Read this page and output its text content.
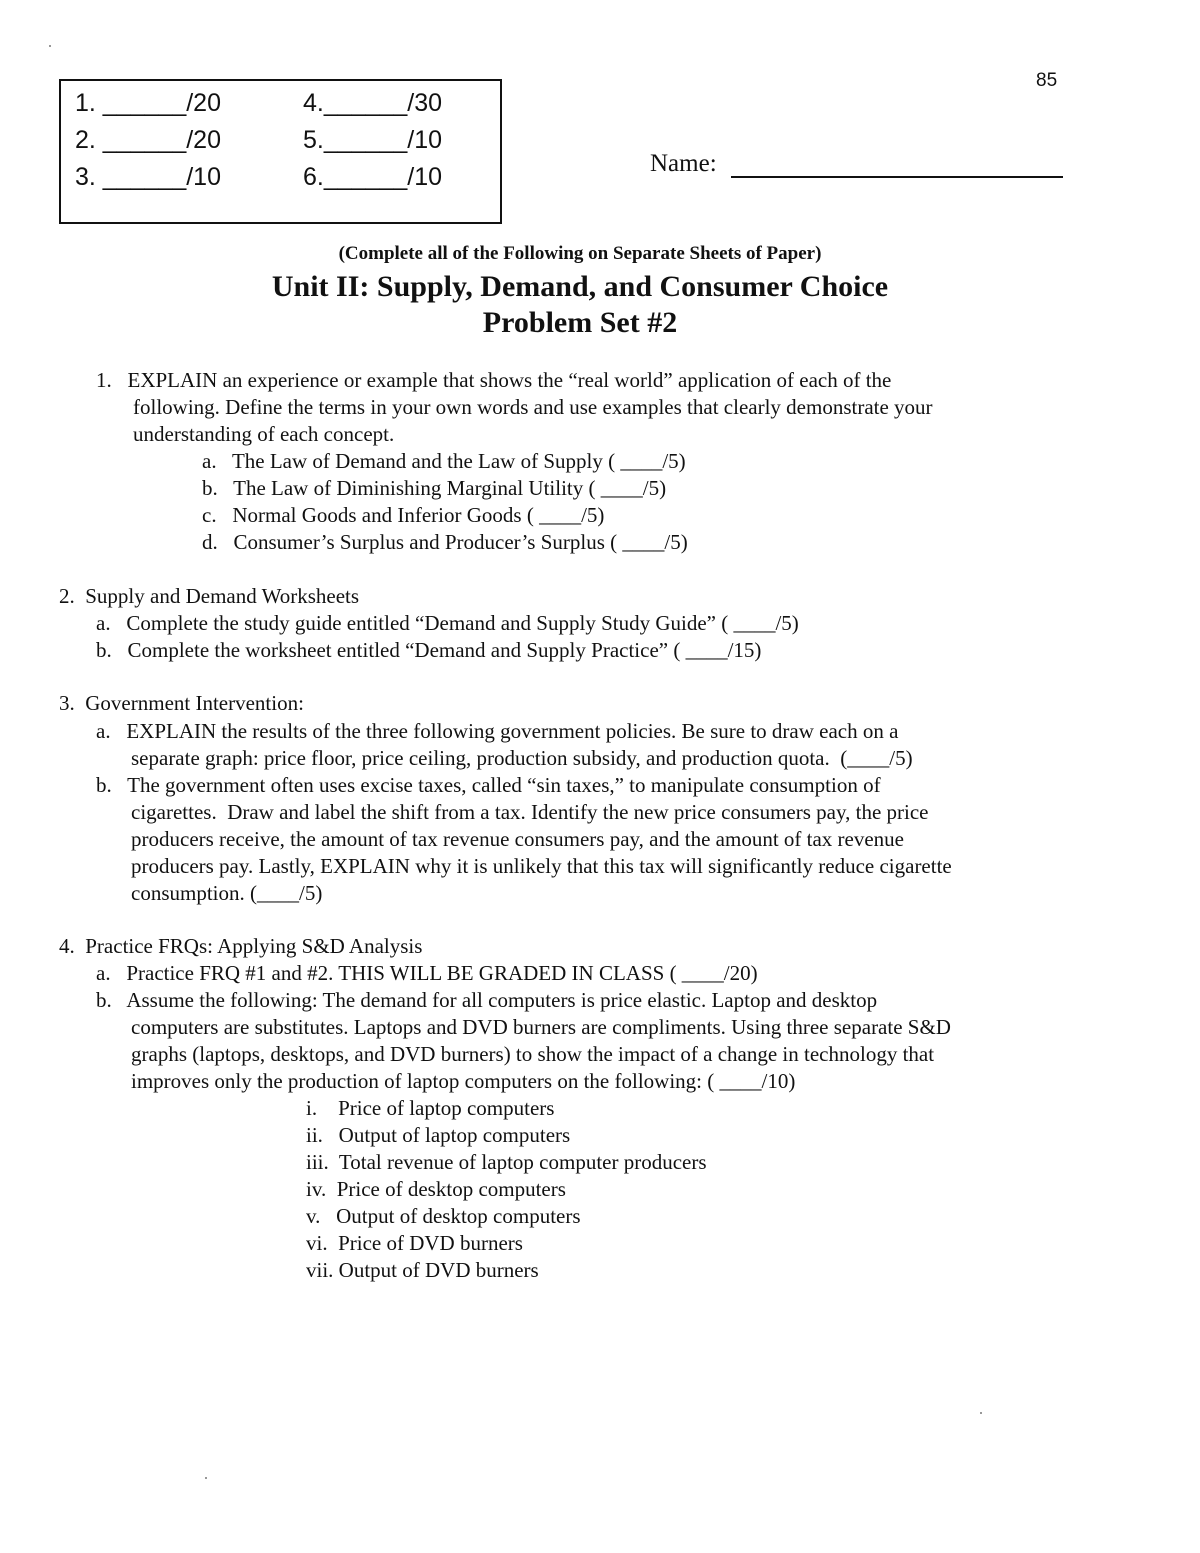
85
1. ______/20
2. ______/20
3. ______/10
4.______/30
5.______/10
6.______/10	Name:
(Complete all of the Following on Separate Sheets of Paper)
Unit II: Supply, Demand, and Consumer Choice
Problem Set #2
1.   EXPLAIN an experience or example that shows the “real world” application of each of the
following. Define the terms in your own words and use examples that clearly demonstrate your
understanding of each concept.
a.   The Law of Demand and the Law of Supply ( ____/5)
b.   The Law of Diminishing Marginal Utility ( ____/5)
c.   Normal Goods and Inferior Goods ( ____/5)
d.   Consumer’s Surplus and Producer’s Surplus ( ____/5)
2.  Supply and Demand Worksheets
a.   Complete the study guide entitled “Demand and Supply Study Guide” ( ____/5)
b.   Complete the worksheet entitled “Demand and Supply Practice” ( ____/15)
3.  Government Intervention:
a.   EXPLAIN the results of the three following government policies. Be sure to draw each on a
separate graph: price floor, price ceiling, production subsidy, and production quota.  (____/5)
b.   The government often uses excise taxes, called “sin taxes,” to manipulate consumption of
cigarettes.  Draw and label the shift from a tax. Identify the new price consumers pay, the price
producers receive, the amount of tax revenue consumers pay, and the amount of tax revenue
producers pay. Lastly, EXPLAIN why it is unlikely that this tax will significantly reduce cigarette
consumption. (____/5)
4.  Practice FRQs: Applying S&D Analysis
a.   Practice FRQ #1 and #2. THIS WILL BE GRADED IN CLASS ( ____/20)
b.   Assume the following: The demand for all computers is price elastic. Laptop and desktop
computers are substitutes. Laptops and DVD burners are compliments. Using three separate S&D
graphs (laptops, desktops, and DVD burners) to show the impact of a change in technology that
improves only the production of laptop computers on the following: ( ____/10)
i.    Price of laptop computers
ii.   Output of laptop computers
iii.  Total revenue of laptop computer producers
iv.  Price of desktop computers
v.   Output of desktop computers
vi.  Price of DVD burners
vii. Output of DVD burners
